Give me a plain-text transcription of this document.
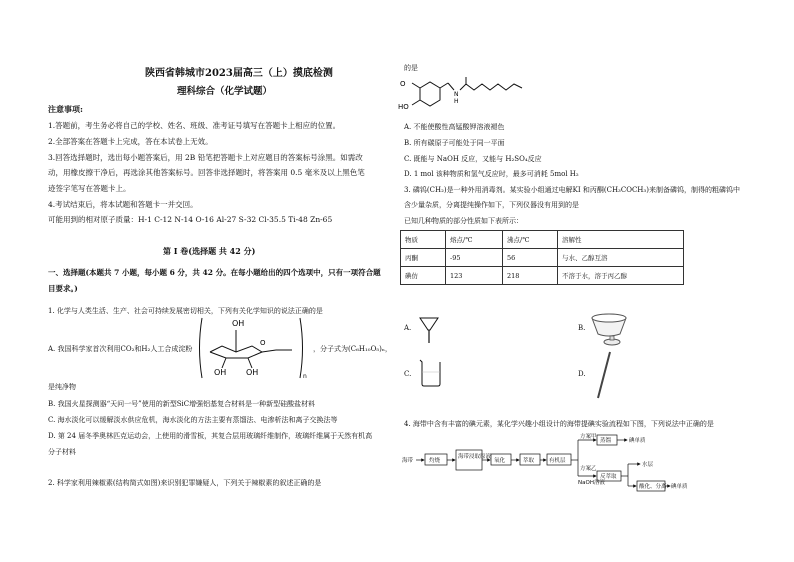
陕西省韩城市2023届高三（上）摸底检测
理科综合（化学试题）
注意事项:
1.答题前，考生务必将自己的学校、姓名、班级、准考证号填写在答题卡上相应的位置。
2.全部答案在答题卡上完成，答在本试卷上无效。
3.回答选择题时，选出每小题答案后，用 2B 铅笔把答题卡上对应题目的答案标号涂黑。如需改
动，用橡皮擦干净后，再选涂其他答案标号。回答非选择题时，将答案用 0.5 毫米及以上黑色笔
迹签字笔写在答题卡上。
4.考试结束后，将本试题和答题卡一并交回。
可能用到的相对原子质量：H-1 C-12 N-14 O-16 Al-27 S-32 Cl-35.5 Ti-48 Zn-65
第 I 卷(选择题 共 42 分)
一、选择题(本题共 7 小题，每小题 6 分，共 42 分。在每小题给出的四个选项中，只有一项符合题
目要求。)
1. 化学与人类生活、生产、社会可持续发展密切相关，下列有关化学知识的说法正确的是
A. 我国科学家首次利用CO₂和H₂人工合成淀粉
OH
OH OH
O
n
，分子式为(C₆H₁₀O₅)ₙ，
是纯净物
B. 我国火星探测器“天问一号”使用的新型SiC增强铝基复合材料是一种新型硅酸盐材料
C. 海水淡化可以缓解淡水供应危机，海水淡化的方法主要有蒸馏法、电渗析法和离子交换法等
D. 第 24 届冬季奥林匹克运动会，上使用的滑雪板，其复合层用玻璃纤维制作，玻璃纤维属于天然有机高
分子材料
2. 科学家利用辣椒素(结构简式如图)来识别犯罪嫌疑人，下列关于辣椒素的叙述正确的是
的是
O
HO
N
H
A. 不能使酸性高锰酸钾溶液褪色
B. 所有碳原子可能处于同一平面
C. 既能与 NaOH 反应，又能与 H₂SO₄反应
D. 1 mol 该种物质和氢气反应时，最多可消耗 5mol H₂
3. 磷钨(CH₂)是一种外用消毒剂。某实验小组通过电解KI 和丙酮(CH₃COCH₃)来制备磷钨，制得的粗磷钨中
含少量杂质，分离提纯操作如下，下列仪器没有用到的是
已知几种物质的部分性质如下表所示：
物质	熔点/℃	沸点/℃	溶解性
丙酮	-95	56	与水、乙醇互溶
碘仿	123	218	不溶于水，溶于丙乙醇
A.	B.
C.	D.
4. 海带中含有丰富的碘元素，某化学兴趣小组设计的海带提碘实验流程如下图，下列说法中正确的是
海带	灼烧
海带浸取原液
氧化	萃取	有机层
方案甲
蒸馏	碘单质
方案乙
NaOH溶液
反萃取
水层
酸化、分离 碘单质
